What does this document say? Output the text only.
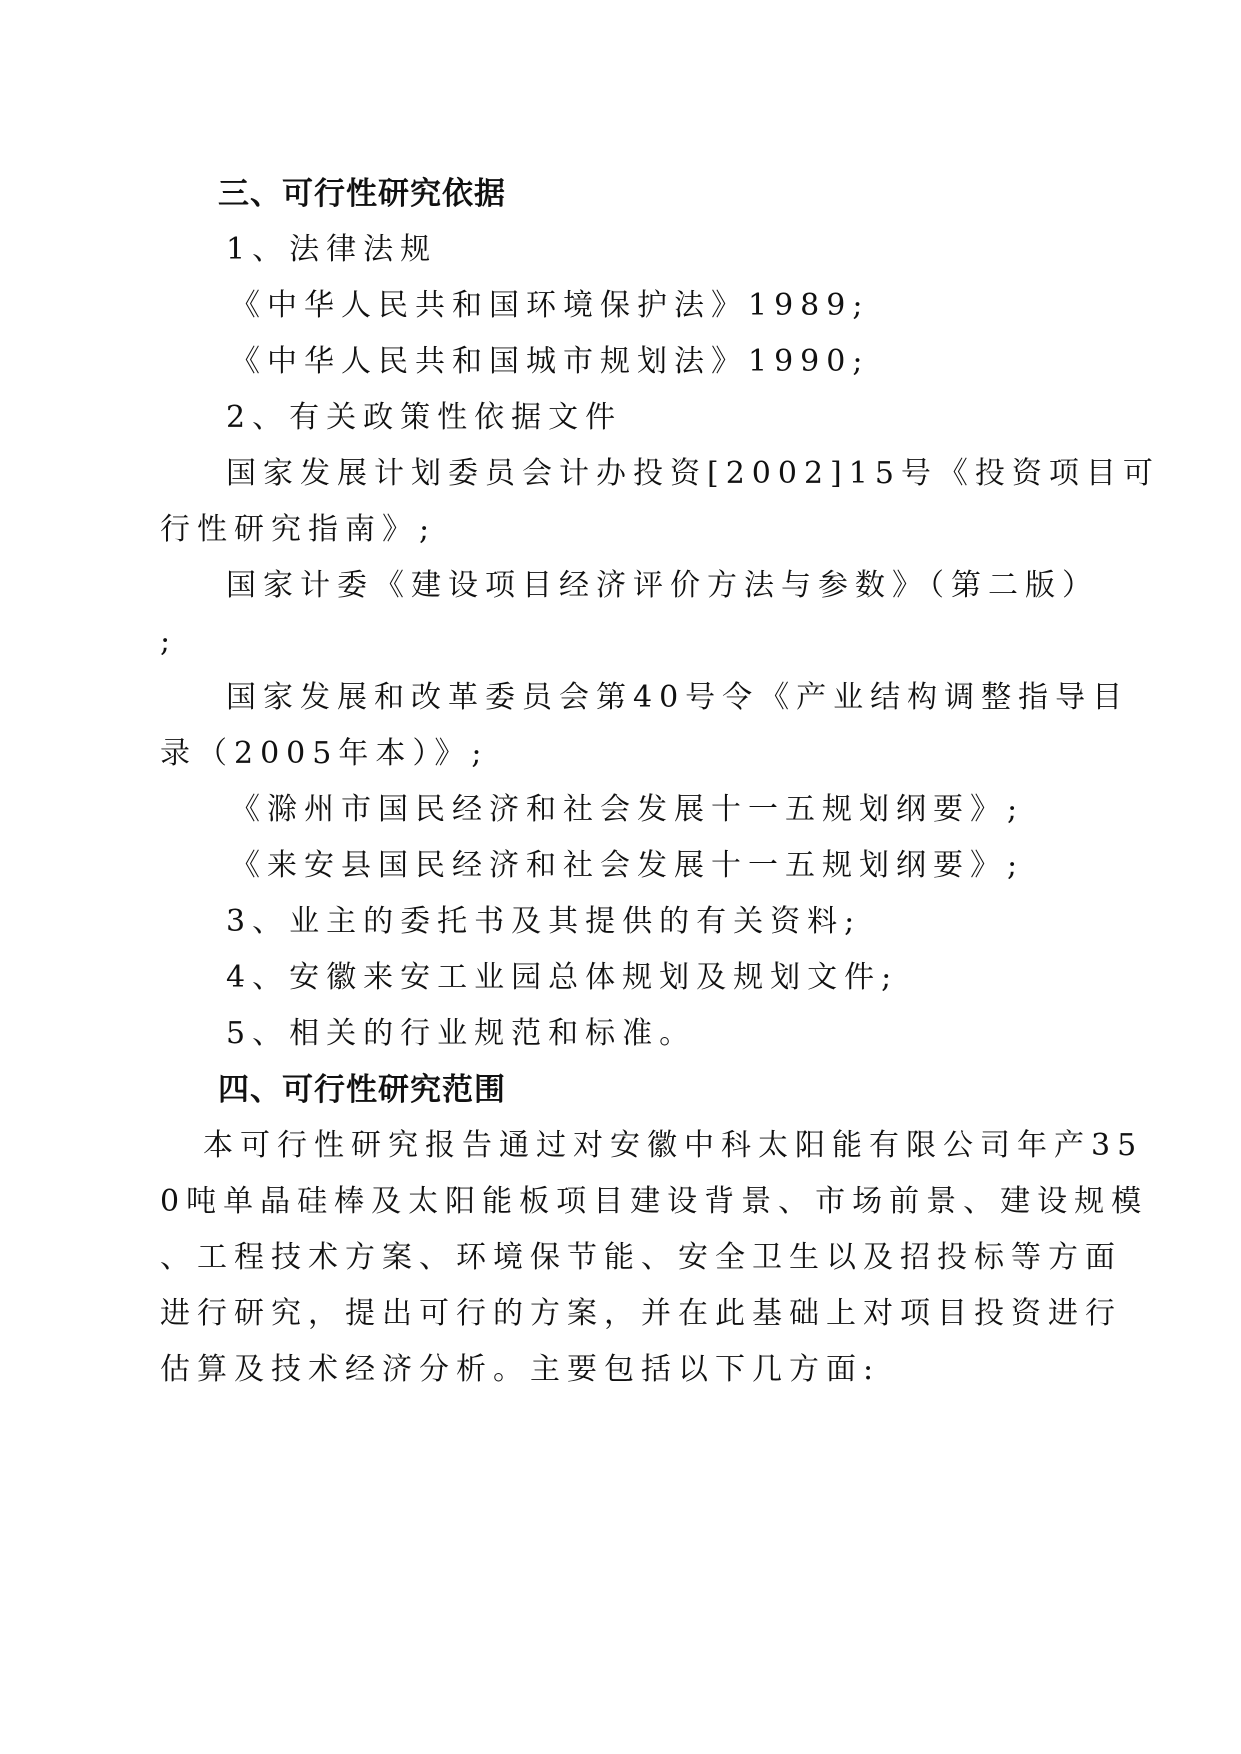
三、可行性研究依据
1、法律法规
《中华人民共和国环境保护法》1989;
《中华人民共和国城市规划法》1990;
2、有关政策性依据文件
国家发展计划委员会计办投资[2002]15号《投资项目可
行性研究指南》;
国家计委《建设项目经济评价方法与参数》（第二版）
;
国家发展和改革委员会第40号令《产业结构调整指导目
录（2005年本）》;
《滁州市国民经济和社会发展十一五规划纲要》;
《来安县国民经济和社会发展十一五规划纲要》;
3、业主的委托书及其提供的有关资料;
4、安徽来安工业园总体规划及规划文件;
5、相关的行业规范和标准。
四、可行性研究范围
本可行性研究报告通过对安徽中科太阳能有限公司年产35
0吨单晶硅棒及太阳能板项目建设背景、市场前景、建设规模
、工程技术方案、环境保节能、安全卫生以及招投标等方面
进行研究，提出可行的方案，并在此基础上对项目投资进行
估算及技术经济分析。主要包括以下几方面:
